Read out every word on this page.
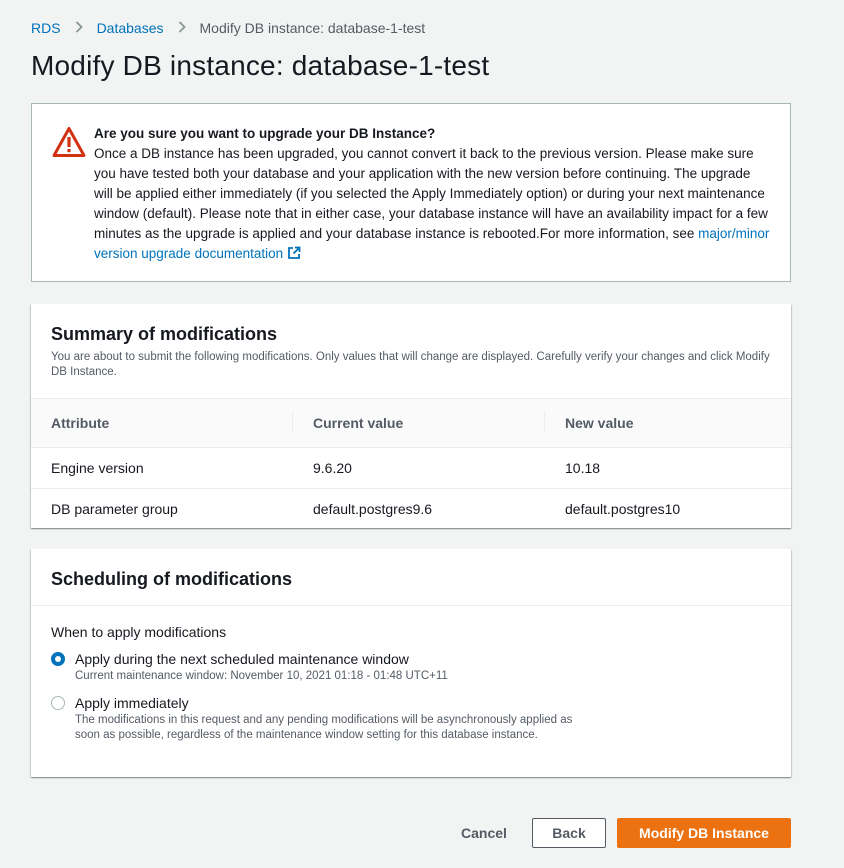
RDS	Databases	Modify DB instance: database-1-test
Modify DB instance: database-1-test
Are you sure you want to upgrade your DB Instance?
Once a DB instance has been upgraded, you cannot convert it back to the previous version. Please make sure you have tested both your database and your application with the new version before continuing. The upgrade will be applied either immediately (if you selected the Apply Immediately option) or during your next maintenance window (default). Please note that in either case, your database instance will have an availability impact for a few minutes as the upgrade is applied and your database instance is rebooted.For more information, see major/minor version upgrade documentation
Summary of modifications

You are about to submit the following modifications. Only values that will change are displayed. Carefully verify your changes and click Modify DB Instance.

Attribute	Current value	New value
Engine version	9.6.20	10.18
DB parameter group	default.postgres9.6	default.postgres10
Scheduling of modifications
When to apply modifications
Apply during the next scheduled maintenance window
Current maintenance window: November 10, 2021 01:18 - 01:48 UTC+11
Apply immediately
The modifications in this request and any pending modifications will be asynchronously applied as soon as possible, regardless of the maintenance window setting for this database instance.
Cancel	Back	Modify DB Instance
